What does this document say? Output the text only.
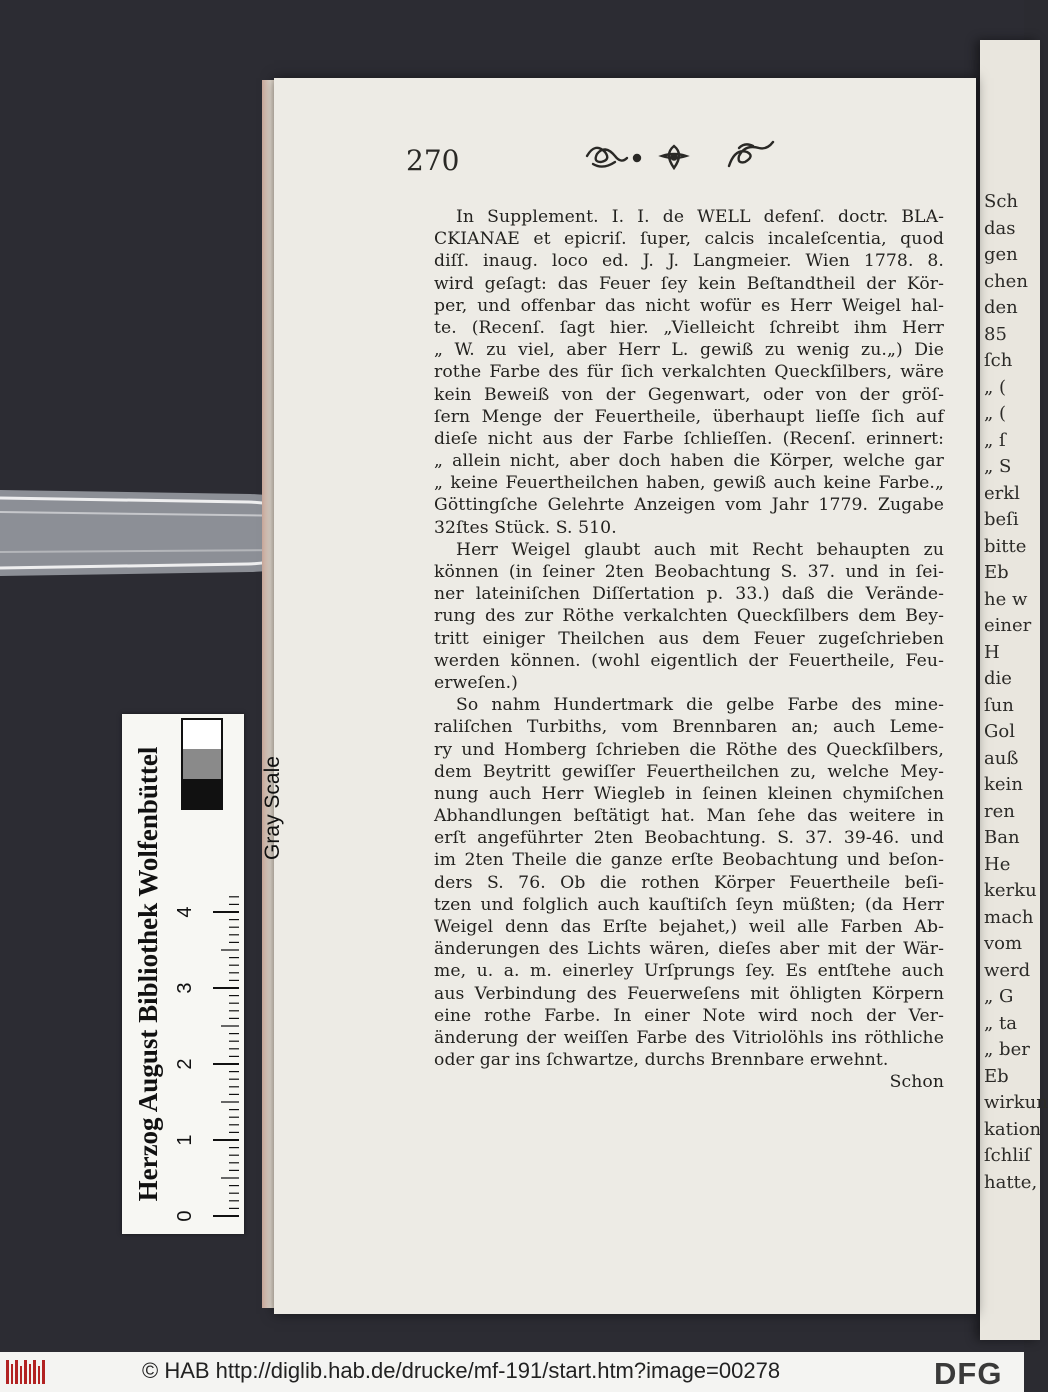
Sch
das
gen
chen
den
85
ſch
„ (
„ (
„ ſ
„ S
erkl
beſi
bitte
Eb
he w
einer
H
die
ſun
Gol
auß
kein
ren
Ban
He
kerku
mach
vom
werd
„ G
„ ta
„ ber
Eb
wirkun
kation
ſchliſ
hatte,
270
In Supplement. I. I. de WELL defenſ. doctr. BLA-
CKIANAE et epicriſ. ſuper, calcis incaleſcentia, quod
diſſ. inaug. loco ed. J. J. Langmeier. Wien 1778. 8.
wird geſagt: das Feuer ſey kein Beſtandtheil der Kör-
per, und offenbar das nicht wofür es Herr Weigel hal-
te. (Recenſ. ſagt hier. „Vielleicht ſchreibt ihm Herr
„ W. zu viel, aber Herr L. gewiß zu wenig zu.„) Die
rothe Farbe des für ſich verkalchten Queckſilbers, wäre
kein Beweiß von der Gegenwart, oder von der gröſ-
ſern Menge der Feuertheile, überhaupt lieſſe ſich auf
dieſe nicht aus der Farbe ſchlieſſen. (Recenſ. erinnert:
„ allein nicht, aber doch haben die Körper, welche gar
„ keine Feuertheilchen haben, gewiß auch keine Farbe.„
Göttingſche Gelehrte Anzeigen vom Jahr 1779. Zugabe
32ſtes Stück. S. 510.
Herr Weigel glaubt auch mit Recht behaupten zu
können (in ſeiner 2ten Beobachtung S. 37. und in ſei-
ner lateiniſchen Diſſertation p. 33.) daß die Verände-
rung des zur Röthe verkalchten Queckſilbers dem Bey-
tritt einiger Theilchen aus dem Feuer zugeſchrieben
werden können. (wohl eigentlich der Feuertheile, Feu-
erweſen.)
So nahm Hundertmark die gelbe Farbe des mine-
raliſchen Turbiths, vom Brennbaren an; auch Leme-
ry und Homberg ſchrieben die Röthe des Queckſilbers,
dem Beytritt gewiſſer Feuertheilchen zu, welche Mey-
nung auch Herr Wiegleb in ſeinen kleinen chymiſchen
Abhandlungen beſtätigt hat. Man ſehe das weitere in
erſt angeführter 2ten Beobachtung. S. 37. 39-46. und
im 2ten Theile die ganze erſte Beobachtung und beſon-
ders S. 76. Ob die rothen Körper Feuertheile beſi-
tzen und folglich auch kauſtiſch ſeyn müßten; (da Herr
Weigel denn das Erſte bejahet,) weil alle Farben Ab-
änderungen des Lichts wären, dieſes aber mit der Wär-
me, u. a. m. einerley Urſprungs ſey. Es entſtehe auch
aus Verbindung des Feuerweſens mit öhligten Körpern
eine rothe Farbe. In einer Note wird noch der Ver-
änderung der weiſſen Farbe des Vitriolöhls ins röthliche
oder gar ins ſchwartze, durchs Brennbare erwehnt.
Schon
Herzog August Bibliothek Wolfenbüttel	Gray Scale
0
1
2
3
4
© HAB http://diglib.hab.de/drucke/mf-191/start.htm?image=00278	DFG
